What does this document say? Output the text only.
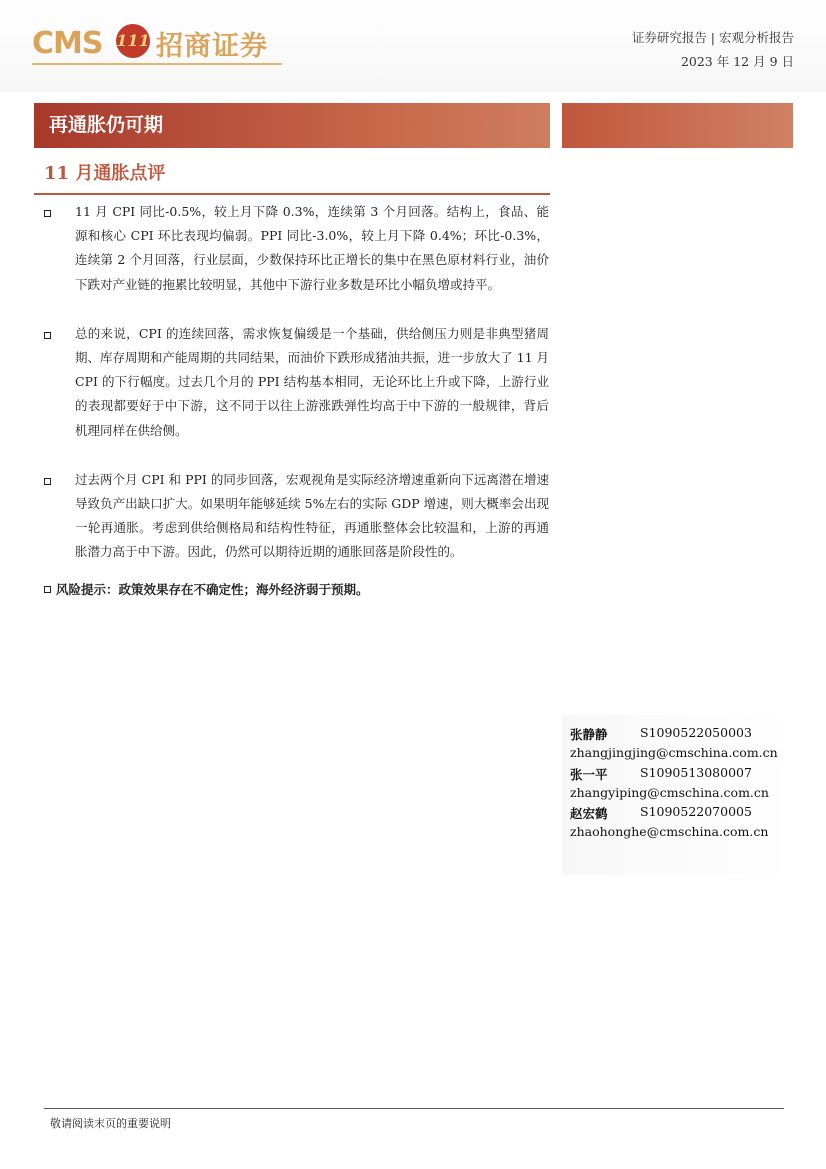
CMS 111 招商证券	证券研究报告 | 宏观分析报告
2023 年 12 月 9 日
再通胀仍可期
11 月通胀点评
11 月 CPI 同比-0.5%，较上月下降 0.3%，连续第 3 个月回落。结构上，食品、能源和核心 CPI 环比表现均偏弱。PPI 同比-3.0%，较上月下降 0.4%；环比-0.3%，连续第 2 个月回落，行业层面，少数保持环比正增长的集中在黑色原材料行业，油价下跌对产业链的拖累比较明显，其他中下游行业多数是环比小幅负增或持平。
总的来说，CPI 的连续回落，需求恢复偏缓是一个基础，供给侧压力则是非典型猪周期、库存周期和产能周期的共同结果，而油价下跌形成猪油共振，进一步放大了 11 月 CPI 的下行幅度。过去几个月的 PPI 结构基本相同，无论环比上升或下降，上游行业的表现都要好于中下游，这不同于以往上游涨跌弹性均高于中下游的一般规律，背后机理同样在供给侧。
过去两个月 CPI 和 PPI 的同步回落，宏观视角是实际经济增速重新向下远离潜在增速导致负产出缺口扩大。如果明年能够延续 5%左右的实际 GDP 增速，则大概率会出现一轮再通胀。考虑到供给侧格局和结构性特征，再通胀整体会比较温和，上游的再通胀潜力高于中下游。因此，仍然可以期待近期的通胀回落是阶段性的。
风险提示：政策效果存在不确定性；海外经济弱于预期。
张静静	S1090522050003
zhangjingjing@cmschina.com.cn
张一平	S1090513080007
zhangyiping@cmschina.com.cn
赵宏鹤	S1090522070005
zhaohonghe@cmschina.com.cn
敬请阅读末页的重要说明
